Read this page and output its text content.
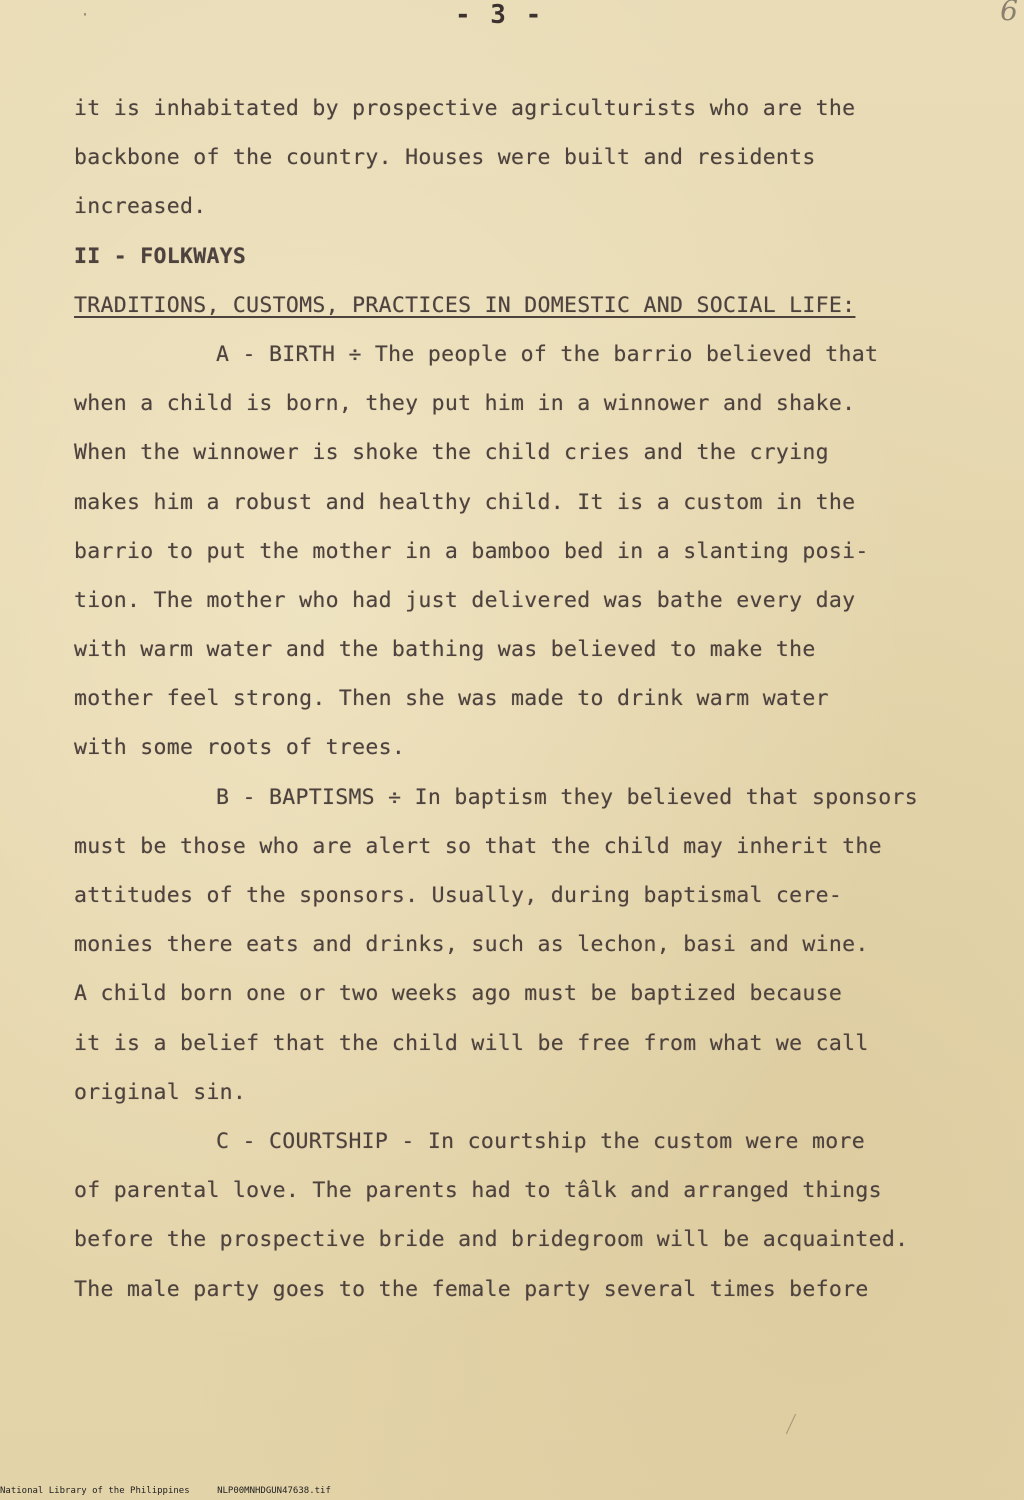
'	- 3 -	6
it is inhabitated by prospective agriculturists who are the
backbone of the country. Houses were built and residents
increased.
II - FOLKWAYS
TRADITIONS, CUSTOMS, PRACTICES IN DOMESTIC AND SOCIAL LIFE:
A - BIRTH ÷ The people of the barrio believed that
when a child is born, they put him in a winnower and shake.
When the winnower is shoke the child cries and the crying
makes him a robust and healthy child. It is a custom in the
barrio to put the mother in a bamboo bed in a slanting posi-
tion. The mother who had just delivered was bathe every day
with warm water and the bathing was believed to make the
mother feel strong. Then she was made to drink warm water
with some roots of trees.
B - BAPTISMS ÷ In baptism they believed that sponsors
must be those who are alert so that the child may inherit the
attitudes of the sponsors. Usually, during baptismal cere-
monies there eats and drinks, such as lechon, basi and wine.
A child born one or two weeks ago must be baptized because
it is a belief that the child will be free from what we call
original sin.
C - COURTSHIP - In courtship the custom were more
of parental love. The parents had to tâlk and arranged things
before the prospective bride and bridegroom will be acquainted.
The male party goes to the female party several times before
National Library of the Philippines	NLP00MNHDGUN47638.tif
